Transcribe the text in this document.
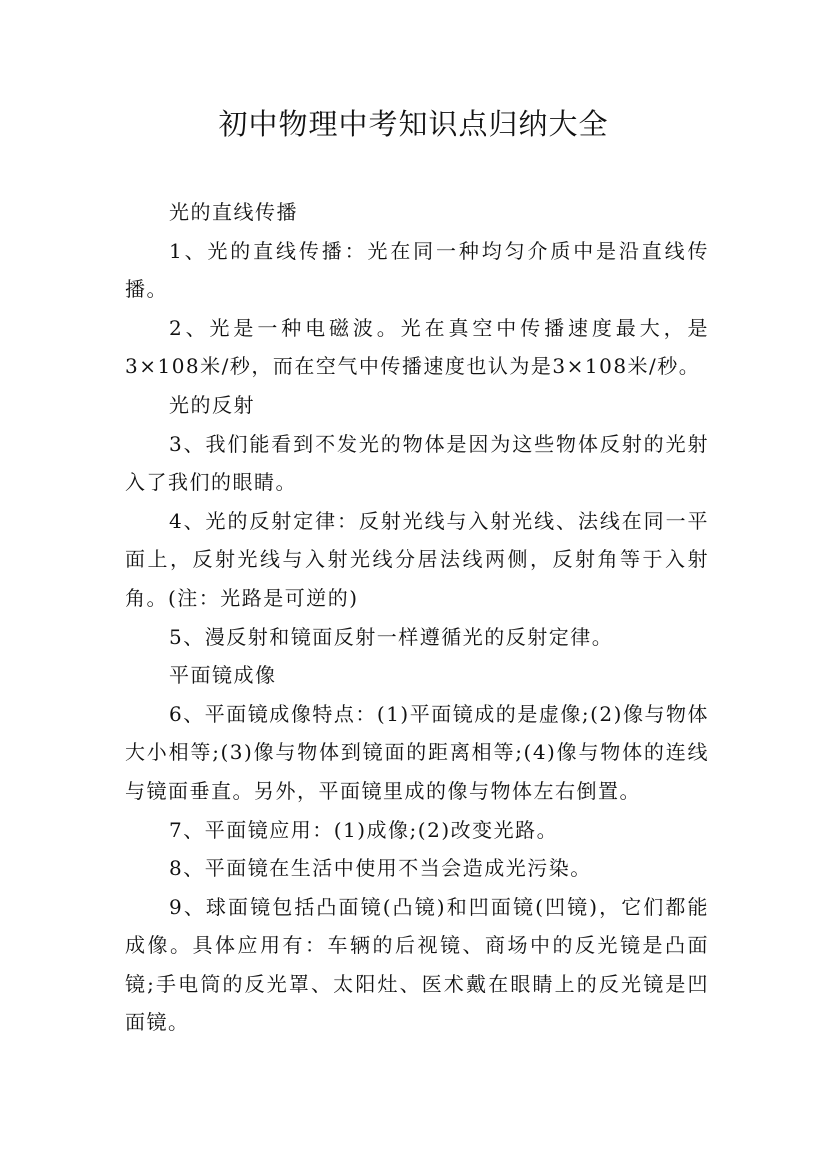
初中物理中考知识点归纳大全

光的直线传播

1、光的直线传播：光在同一种均匀介质中是沿直线传播。

2、光是一种电磁波。光在真空中传播速度最大，是3×108米/秒，而在空气中传播速度也认为是3×108米/秒。

光的反射

3、我们能看到不发光的物体是因为这些物体反射的光射入了我们的眼睛。

4、光的反射定律：反射光线与入射光线、法线在同一平面上，反射光线与入射光线分居法线两侧，反射角等于入射角。(注：光路是可逆的)

5、漫反射和镜面反射一样遵循光的反射定律。

平面镜成像

6、平面镜成像特点：(1)平面镜成的是虚像;(2)像与物体大小相等;(3)像与物体到镜面的距离相等;(4)像与物体的连线与镜面垂直。另外，平面镜里成的像与物体左右倒置。

7、平面镜应用：(1)成像;(2)改变光路。

8、平面镜在生活中使用不当会造成光污染。

9、球面镜包括凸面镜(凸镜)和凹面镜(凹镜)，它们都能成像。具体应用有：车辆的后视镜、商场中的反光镜是凸面镜;手电筒的反光罩、太阳灶、医术戴在眼睛上的反光镜是凹面镜。
